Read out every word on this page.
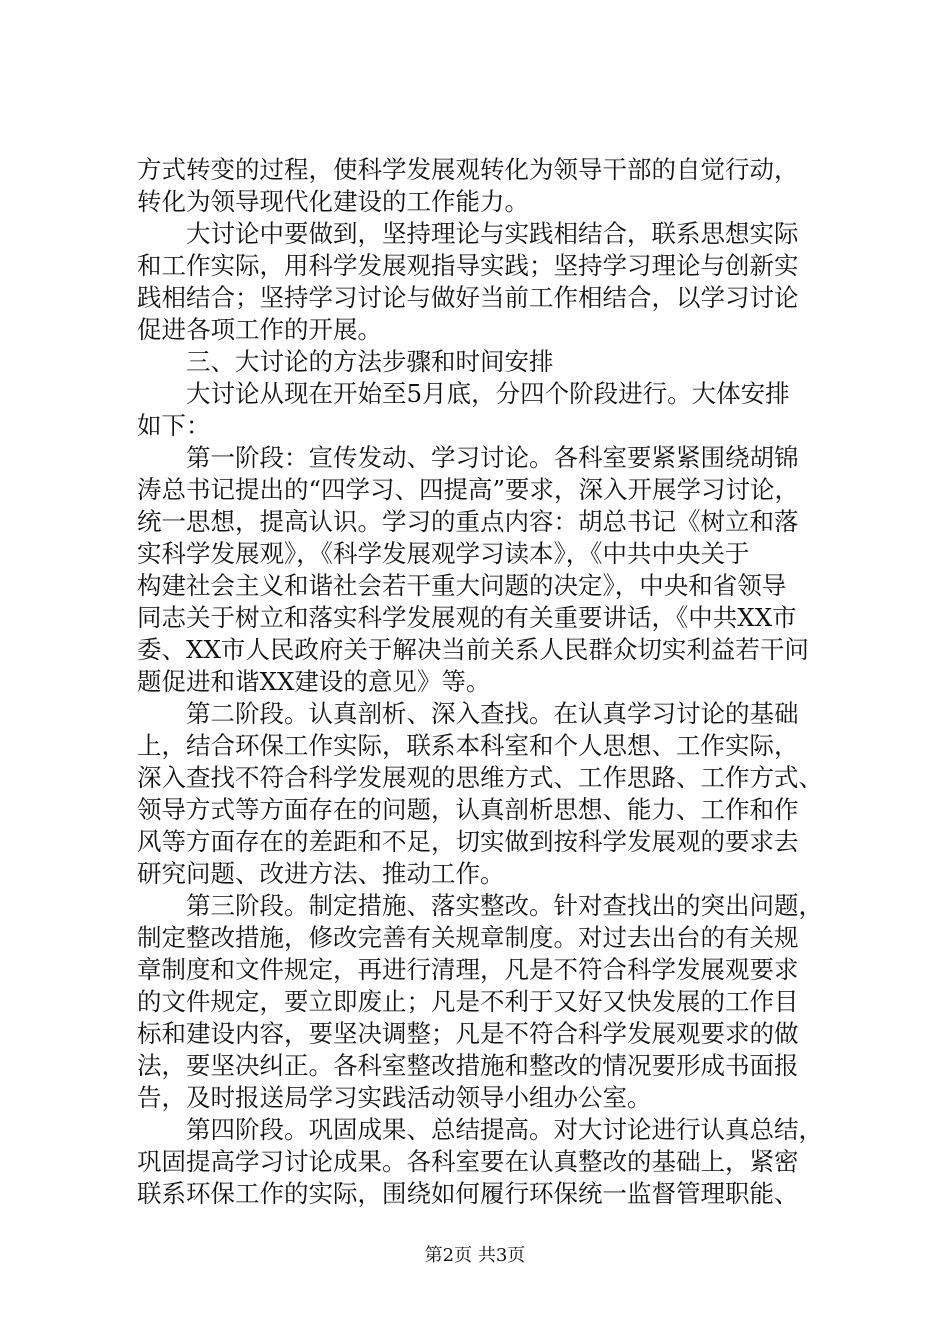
方式转变的过程，使科学发展观转化为领导干部的自觉行动，
转化为领导现代化建设的工作能力。
　　大讨论中要做到，坚持理论与实践相结合，联系思想实际
和工作实际，用科学发展观指导实践；坚持学习理论与创新实
践相结合；坚持学习讨论与做好当前工作相结合，以学习讨论
促进各项工作的开展。
　　三、大讨论的方法步骤和时间安排
　　大讨论从现在开始至5月底，分四个阶段进行。大体安排
如下：
　　第一阶段：宣传发动、学习讨论。各科室要紧紧围绕胡锦
涛总书记提出的“四学习、四提高”要求，深入开展学习讨论，
统一思想，提高认识。学习的重点内容：胡总书记《树立和落
实科学发展观》，《科学发展观学习读本》，《中共中央关于
构建社会主义和谐社会若干重大问题的决定》，中央和省领导
同志关于树立和落实科学发展观的有关重要讲话，《中共XX市
委、XX市人民政府关于解决当前关系人民群众切实利益若干问
题促进和谐XX建设的意见》等。
　　第二阶段。认真剖析、深入查找。在认真学习讨论的基础
上，结合环保工作实际，联系本科室和个人思想、工作实际，
深入查找不符合科学发展观的思维方式、工作思路、工作方式、
领导方式等方面存在的问题，认真剖析思想、能力、工作和作
风等方面存在的差距和不足，切实做到按科学发展观的要求去
研究问题、改进方法、推动工作。
　　第三阶段。制定措施、落实整改。针对查找出的突出问题，
制定整改措施，修改完善有关规章制度。对过去出台的有关规
章制度和文件规定，再进行清理，凡是不符合科学发展观要求
的文件规定，要立即废止；凡是不利于又好又快发展的工作目
标和建设内容，要坚决调整；凡是不符合科学发展观要求的做
法，要坚决纠正。各科室整改措施和整改的情况要形成书面报
告，及时报送局学习实践活动领导小组办公室。
　　第四阶段。巩固成果、总结提高。对大讨论进行认真总结，
巩固提高学习讨论成果。各科室要在认真整改的基础上，紧密
联系环保工作的实际，围绕如何履行环保统一监督管理职能、
第2页 共3页
